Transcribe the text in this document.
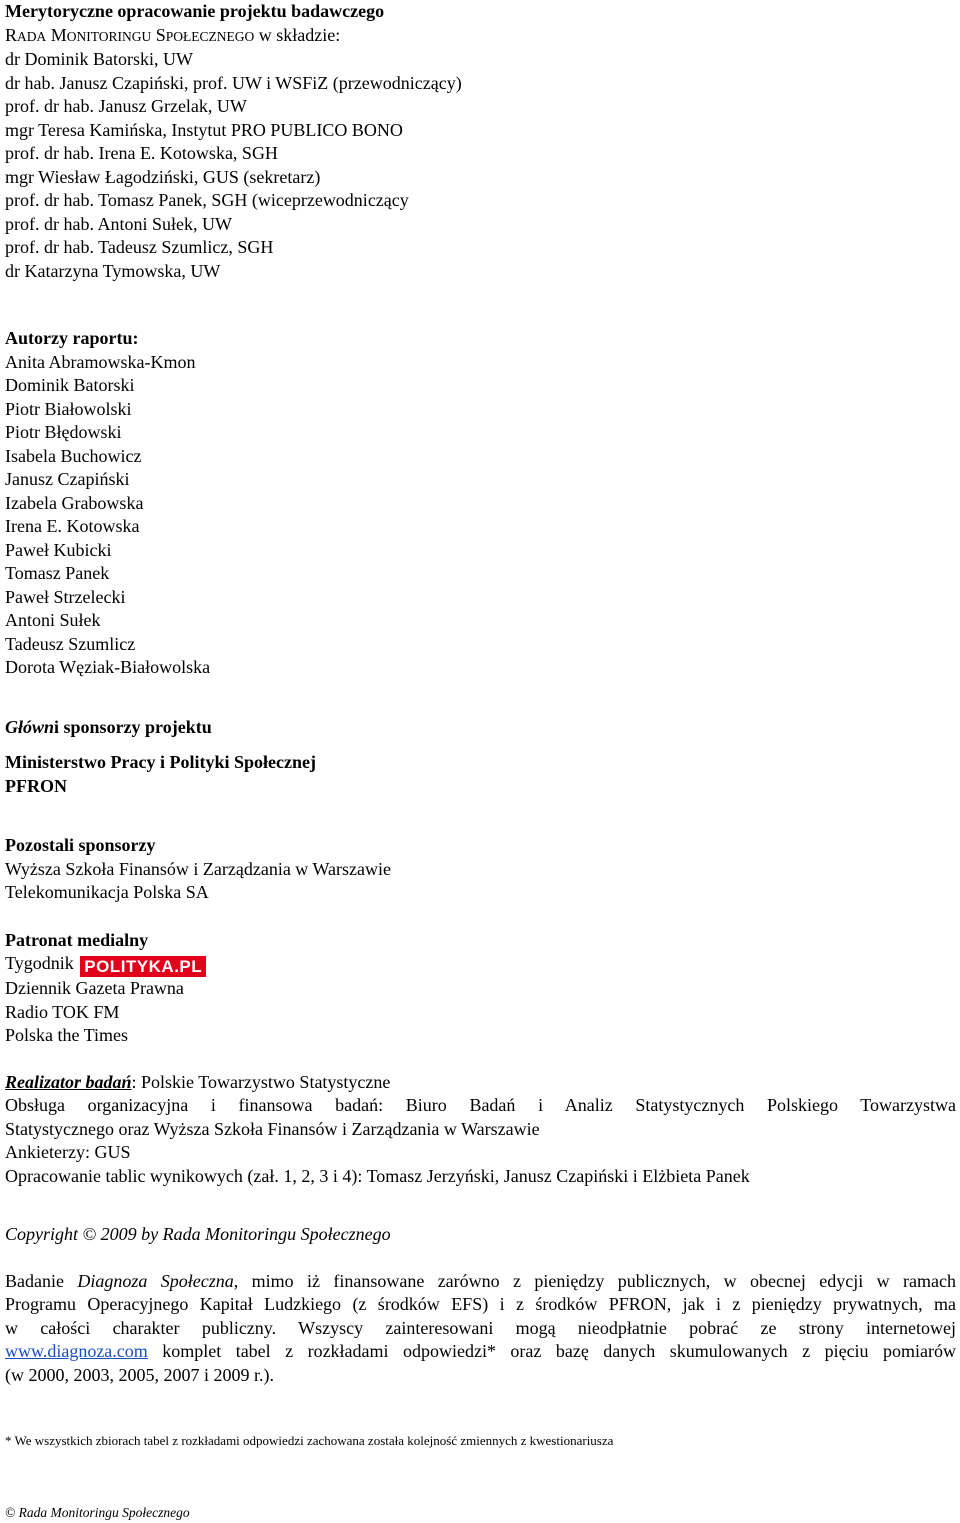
Merytoryczne opracowanie projektu badawczego
RADA MONITORINGU SPOŁECZNEGO w składzie:
dr Dominik Batorski, UW
dr hab. Janusz Czapiński, prof. UW i WSFiZ (przewodniczący)
prof. dr hab. Janusz Grzelak, UW
mgr Teresa Kamińska, Instytut PRO PUBLICO BONO
prof. dr hab. Irena E. Kotowska, SGH
mgr Wiesław Łagodziński, GUS (sekretarz)
prof. dr hab. Tomasz Panek, SGH (wiceprzewodniczący
prof. dr hab. Antoni Sułek, UW
prof. dr hab. Tadeusz Szumlicz, SGH
dr Katarzyna Tymowska, UW
Autorzy raportu:
Anita Abramowska-Kmon
Dominik Batorski
Piotr Białowolski
Piotr Błędowski
Isabela Buchowicz
Janusz Czapiński
Izabela Grabowska
Irena E. Kotowska
Paweł Kubicki
Tomasz Panek
Paweł Strzelecki
Antoni Sułek
Tadeusz Szumlicz
Dorota Węziak-Białowolska
Główni sponsorzy projektu
Ministerstwo Pracy i Polityki Społecznej
PFRON
Pozostali sponsorzy
Wyższa Szkoła Finansów i Zarządzania w Warszawie
Telekomunikacja Polska SA
Patronat medialny
Tygodnik POLITYKA.PL
Dziennik Gazeta Prawna
Radio TOK FM
Polska the Times
Realizator badań: Polskie Towarzystwo Statystyczne
Obsługa organizacyjna i finansowa badań: Biuro Badań i Analiz Statystycznych Polskiego Towarzystwa
Statystycznego oraz Wyższa Szkoła Finansów i Zarządzania w Warszawie
Ankieterzy: GUS
Opracowanie tablic wynikowych (zał. 1, 2, 3 i 4): Tomasz Jerzyński, Janusz Czapiński i Elżbieta Panek
Copyright © 2009 by Rada Monitoringu Społecznego
Badanie Diagnoza Społeczna, mimo iż finansowane zarówno z pieniędzy publicznych, w obecnej edycji w ramach
Programu Operacyjnego Kapitał Ludzkiego (z środków EFS) i z środków PFRON, jak i z pieniędzy prywatnych, ma
w całości charakter publiczny. Wszyscy zainteresowani mogą nieodpłatnie pobrać ze strony internetowej
www.diagnoza.com komplet tabel z rozkładami odpowiedzi* oraz bazę danych skumulowanych z pięciu pomiarów
(w 2000, 2003, 2005, 2007 i 2009 r.).
* We wszystkich zbiorach tabel z rozkładami odpowiedzi zachowana została kolejność zmiennych z kwestionariusza
© Rada Monitoringu Społecznego
